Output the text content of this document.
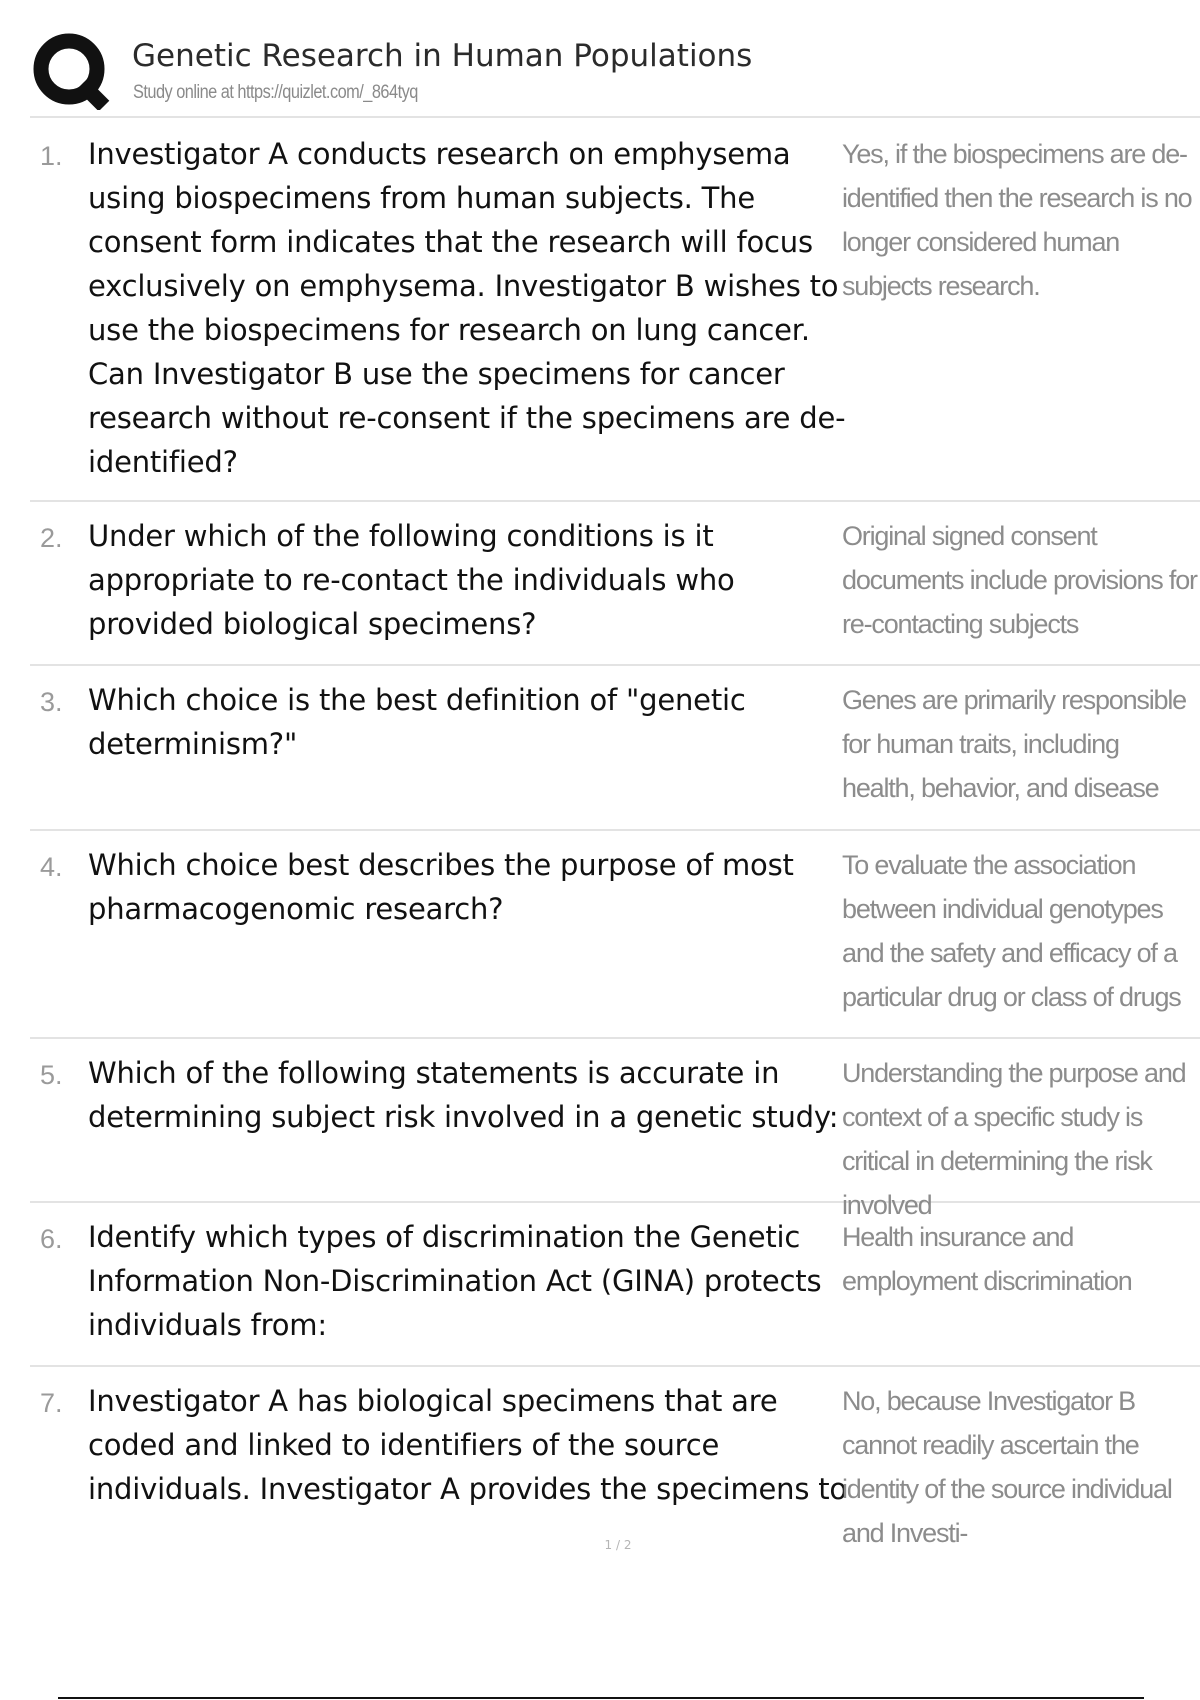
Genetic Research in Human Populations
Study online at https://quizlet.com/_864tyq
1. Investigator A conducts research on emphysema using biospecimens from human subjects. The consent form indicates that the research will focus exclusively on emphysema. Investigator B wishes to use the biospecimens for research on lung cancer. Can Investigator B use the specimens for cancer research without re-consent if the specimens are de-identified?
Yes, if the biospecimens are de-identified then the research is no longer considered human subjects research.
2. Under which of the following conditions is it appropriate to re-contact the individuals who provided biological specimens?
Original signed consent documents include provisions for re-contacting subjects
3. Which choice is the best definition of "genetic determinism?"
Genes are primarily responsible for human traits, including health, behavior, and disease
4. Which choice best describes the purpose of most pharmacogenomic research?
To evaluate the association between individual genotypes and the safety and efficacy of a particular drug or class of drugs
5. Which of the following statements is accurate in determining subject risk involved in a genetic study:
Understanding the purpose and context of a specific study is critical in determining the risk involved
6. Identify which types of discrimination the Genetic Information Non-Discrimination Act (GINA) protects individuals from:
Health insurance and employment discrimination
7. Investigator A has biological specimens that are coded and linked to identifiers of the source individuals. Investigator A provides the specimens to
No, because Investigator B cannot readily ascertain the identity of the source individual and Investi-
1 / 2
